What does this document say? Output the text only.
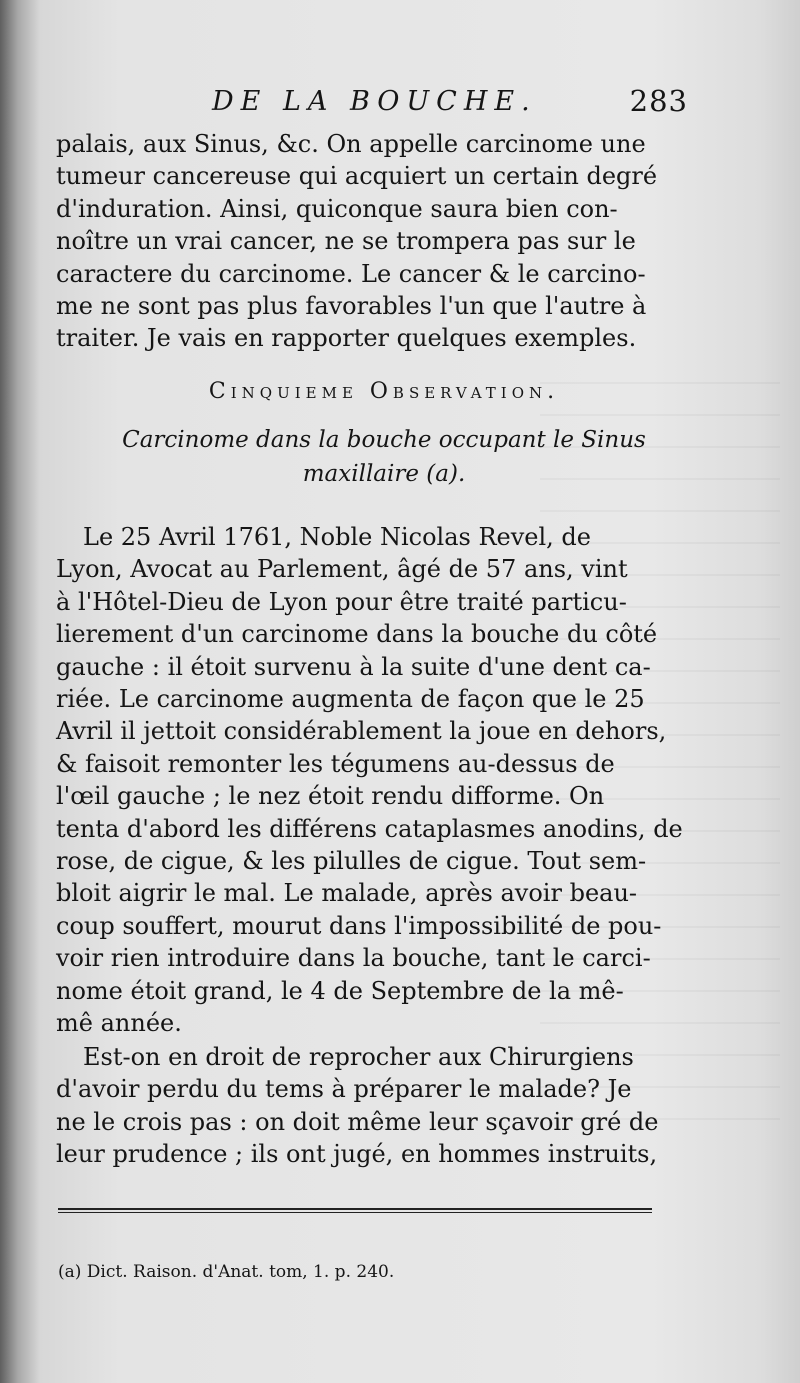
DE LA BOUCHE.	283
palais, aux Sinus, &c. On appelle carcinome une
tumeur cancereuse qui acquiert un certain degré
d'induration. Ainsi, quiconque saura bien con-
noître un vrai cancer, ne se trompera pas sur le
caractere du carcinome. Le cancer & le carcino-
me ne sont pas plus favorables l'un que l'autre à
traiter. Je vais en rapporter quelques exemples.
Cinquieme Observation.
Carcinome dans la bouche occupant le Sinus
maxillaire (a).
Le 25 Avril 1761, Noble Nicolas Revel, de
Lyon, Avocat au Parlement, âgé de 57 ans, vint
à l'Hôtel-Dieu de Lyon pour être traité particu-
lierement d'un carcinome dans la bouche du côté
gauche : il étoit survenu à la suite d'une dent ca-
riée. Le carcinome augmenta de façon que le 25
Avril il jettoit considérablement la joue en dehors,
& faisoit remonter les tégumens au-dessus de
l'œil gauche ; le nez étoit rendu difforme. On
tenta d'abord les différens cataplasmes anodins, de
rose, de cigue, & les pilulles de cigue. Tout sem-
bloit aigrir le mal. Le malade, après avoir beau-
coup souffert, mourut dans l'impossibilité de pou-
voir rien introduire dans la bouche, tant le carci-
nome étoit grand, le 4 de Septembre de la mê-
mê année.
Est-on en droit de reprocher aux Chirurgiens
d'avoir perdu du tems à préparer le malade? Je
ne le crois pas : on doit même leur sçavoir gré de
leur prudence ; ils ont jugé, en hommes instruits,
(a) Dict. Raison. d'Anat. tom, 1. p. 240.
